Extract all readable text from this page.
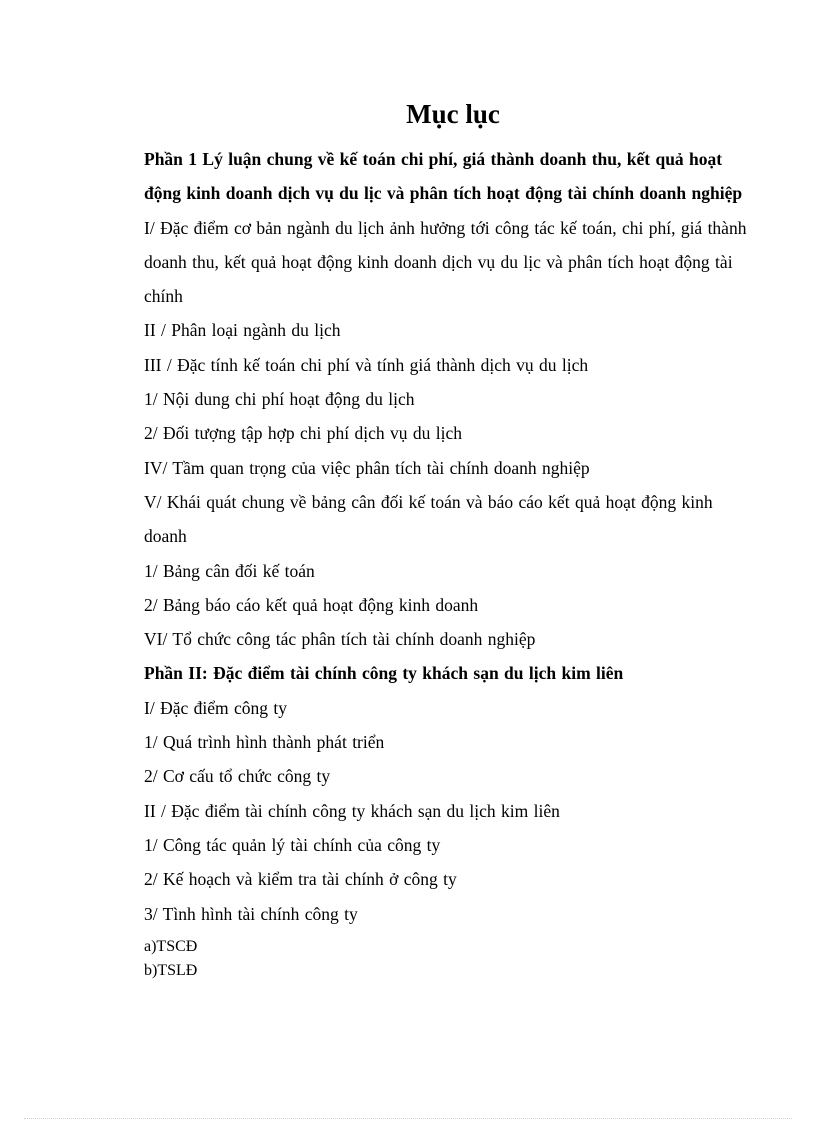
Mục lục
Phần 1 Lý luận chung về kế toán chi phí, giá thành doanh thu, kết quả hoạt động kinh doanh dịch vụ du lịc và phân tích hoạt động tài chính doanh nghiệp
I/ Đặc điểm cơ bản ngành du lịch ảnh hưởng tới công tác kế toán, chi phí, giá thành doanh thu, kết quả hoạt động kinh doanh dịch vụ du lịc và phân tích hoạt động tài chính
II / Phân loại ngành du lịch
III / Đặc tính kế toán chi phí và tính giá thành dịch vụ du lịch
1/ Nội dung chi phí hoạt động du lịch
2/ Đối tượng tập hợp chi phí dịch vụ du lịch
IV/ Tầm quan trọng của việc phân tích tài chính doanh nghiệp
V/ Khái quát chung về bảng cân đối kế toán và báo cáo kết quả hoạt động kinh doanh
1/ Bảng cân đối kế toán
2/ Bảng báo cáo kết quả hoạt động kinh doanh
VI/ Tổ chức công tác phân tích tài chính doanh nghiệp
Phần II: Đặc điểm tài chính công ty khách sạn du lịch kim liên
I/ Đặc điểm công ty
1/ Quá trình hình thành phát triển
2/ Cơ cấu tổ chức công ty
II / Đặc điểm tài chính công ty khách sạn du lịch kim liên
1/ Công tác quản lý tài chính của công ty
2/ Kế hoạch và kiểm tra tài chính ở công ty
3/ Tình hình tài chính công ty
a)TSCĐ
b)TSLĐ
